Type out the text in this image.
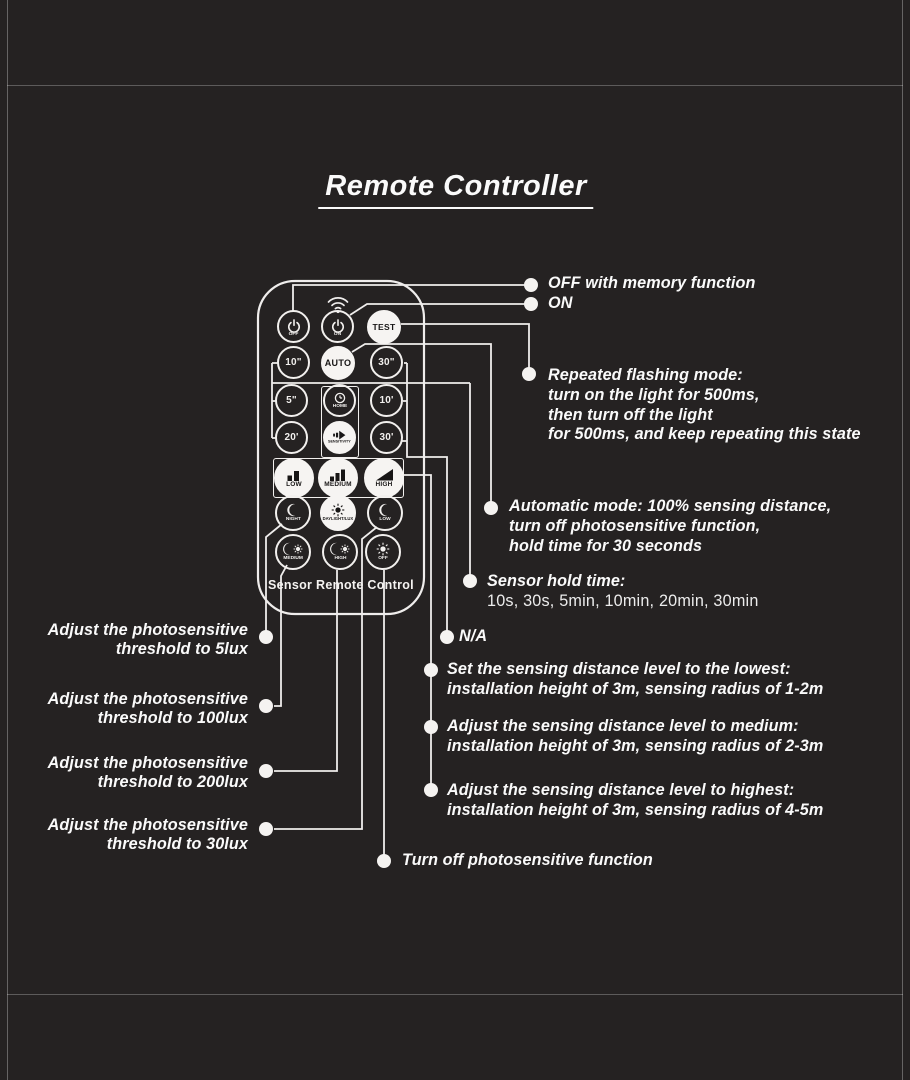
Remote Controller
OFF	ON
TEST
10"	AUTO	30"
5"
HOME
10'
20'	SENSITIVITY	30'
LOW	MEDIUM	HIGH
NIGHT	DAYLIGHT/LUX	LOW
MEDIUM	HIGH	OFF
Sensor Remote Control
OFF with memory function
ON
Repeated flashing mode:
turn on the light for 500ms,
then turn off the light
for 500ms, and keep repeating this state
Automatic mode: 100% sensing distance,
turn off photosensitive function,
hold time for 30 seconds
Sensor hold time:
10s, 30s, 5min, 10min, 20min, 30min
N/A
Set the sensing distance level to the lowest:
installation height of 3m, sensing radius of 1-2m
Adjust the sensing distance level to medium:
installation height of 3m, sensing radius of 2-3m
Adjust the sensing distance level to highest:
installation height of 3m, sensing radius of 4-5m
Turn off photosensitive function
Adjust the photosensitive
threshold to 5lux
Adjust the photosensitive
threshold to 100lux
Adjust the photosensitive
threshold to 200lux
Adjust the photosensitive
threshold to 30lux
